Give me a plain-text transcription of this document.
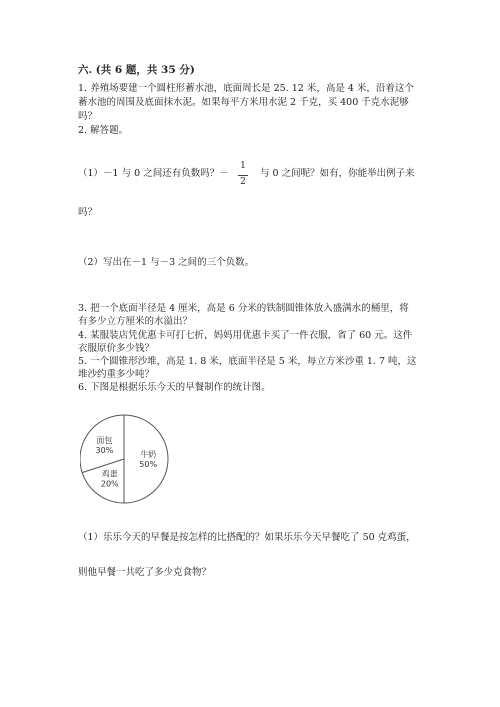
六. (共 6 题，共 35 分)
1. 养殖场要建一个圆柱形蓄水池，底面周长是 25. 12 米，高是 4 米，沿着这个
蓄水池的周围及底面抹水泥。如果每平方米用水泥 2 千克，买 400 千克水泥够
吗？
2. 解答题。
（1）－1 与 0 之间还有负数吗？－
1
2
与 0 之间呢？如有，你能举出例子来
吗？
（2）写出在－1 与－3 之间的三个负数。
3. 把一个底面半径是 4 厘米，高是 6 分米的铁制圆锥体放入盛满水的桶里，将
有多少立方厘米的水溢出？
4. 某服装店凭优惠卡可打七折，妈妈用优惠卡买了一件衣服，省了 60 元。这件
衣服原价多少钱？
5. 一个圆锥形沙堆，高是 1. 8 米，底面半径是 5 米，每立方米沙重 1. 7 吨，这
堆沙约重多少吨？
6. 下图是根据乐乐今天的早餐制作的统计图。
牛奶
50%
鸡蛋
20%
面包
30%
（1）乐乐今天的早餐是按怎样的比搭配的？如果乐乐今天早餐吃了 50 克鸡蛋，
则他早餐一共吃了多少克食物？
